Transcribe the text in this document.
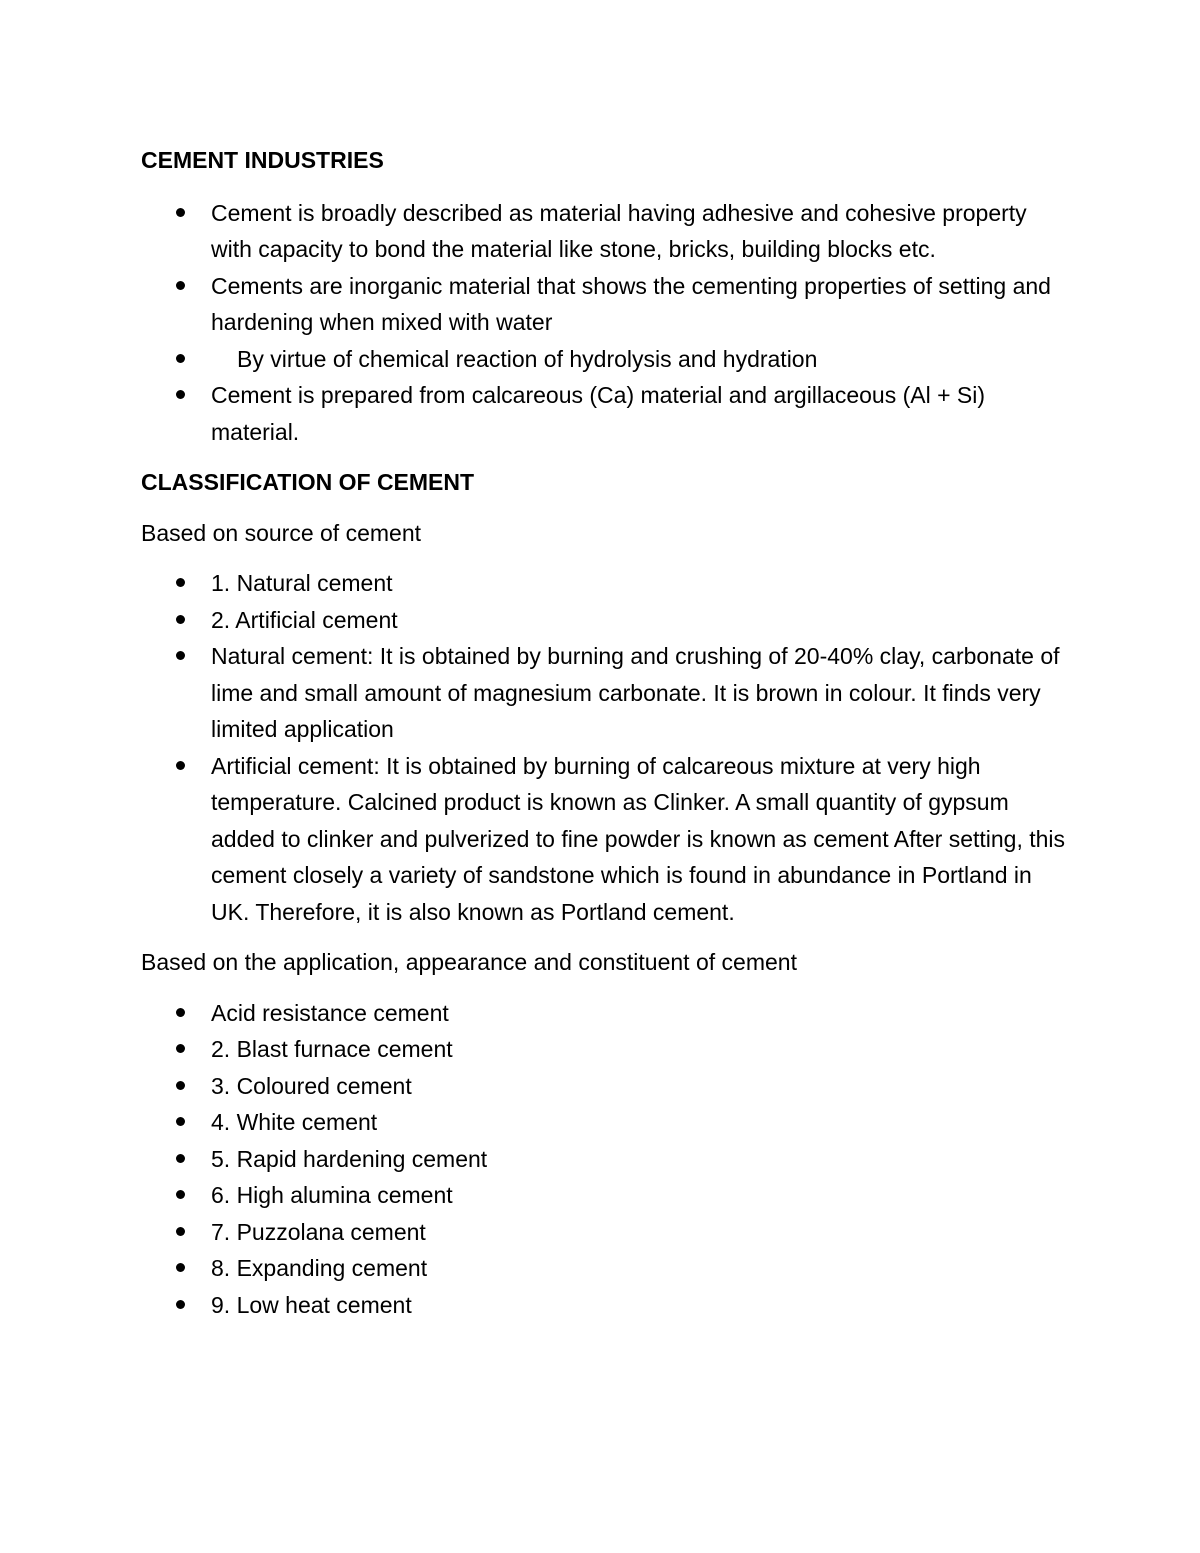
CEMENT INDUSTRIES

Cement is broadly described as material having adhesive and cohesive property with capacity to bond the material like stone, bricks, building blocks etc.
Cements are inorganic material that shows the cementing properties of setting and hardening when mixed with water
By virtue of chemical reaction of hydrolysis and hydration
Cement is prepared from calcareous (Ca) material and argillaceous (Al + Si) material.

CLASSIFICATION OF CEMENT

Based on source of cement

1. Natural cement
2. Artificial cement
Natural cement: It is obtained by burning and crushing of 20-40% clay, carbonate of lime and small amount of magnesium carbonate. It is brown in colour. It finds very limited application
Artificial cement: It is obtained by burning of calcareous mixture at very high temperature. Calcined product is known as Clinker. A small quantity of gypsum added to clinker and pulverized to fine powder is known as cement After setting, this cement closely a variety of sandstone which is found in abundance in Portland in UK. Therefore, it is also known as Portland cement.

Based on the application, appearance and constituent of cement

Acid resistance cement
2. Blast furnace cement
3. Coloured cement
4. White cement
5. Rapid hardening cement
6. High alumina cement
7. Puzzolana cement
8. Expanding cement
9. Low heat cement
